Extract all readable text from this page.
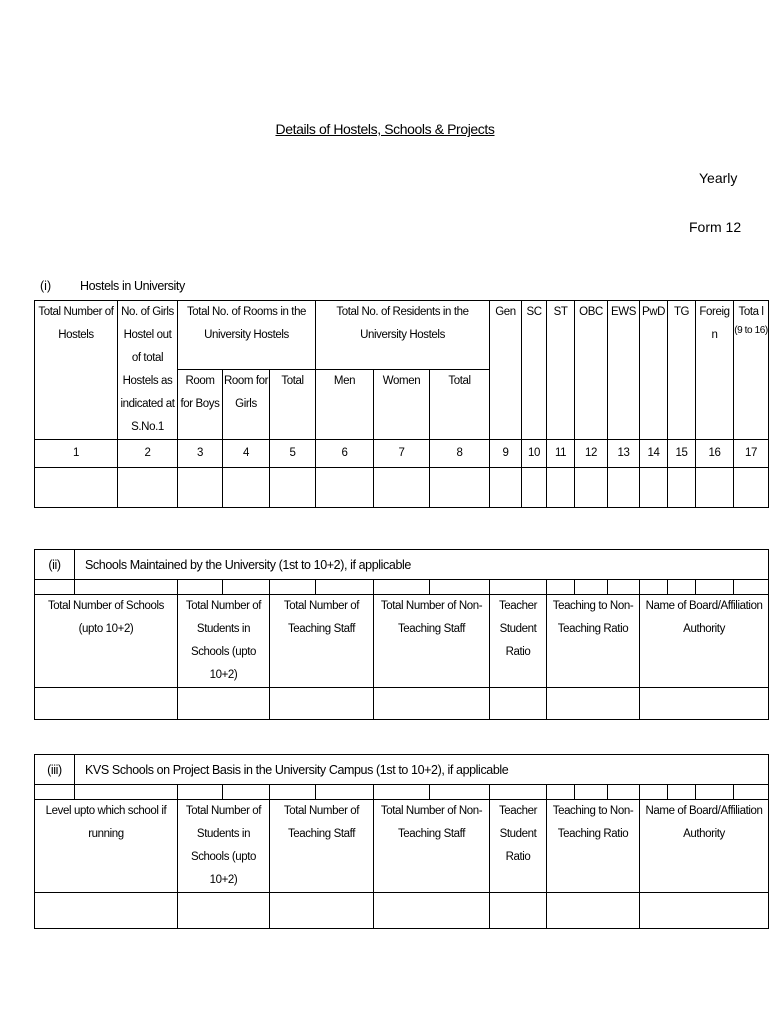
Details of Hostels, Schools & Projects
Yearly
Form 12
(i) Hostels in University
Total Number of Hostels	No. of Girls Hostel out of total Hostels as indicated at S.No.1	Total No. of Rooms in the University Hostels			Total No. of Residents in the University Hostels			Gen	SC	ST	OBC	EWS	PwD	TG	Foreig n	Tota l
(9 to 16)

		Room for Boys	Room for Girls	Total	Men	Women	Total									
1	2	3	4	5	6	7	8	9	10	11	12	13	14	15	16	17

(ii)	Schools Maintained by the University (1st to 10+2), if applicable														

Total Number of Schools (upto 10+2)		Total Number of Students in Schools (upto 10+2)		Total Number of Teaching Staff		Total Number of Non-Teaching Staff		Teacher Student Ratio	Teaching to Non-Teaching Ratio			Name of Board/Affiliation Authority			

(iii)	KVS Schools on Project Basis in the University Campus (1st to 10+2), if applicable														

Level upto which school if running		Total Number of Students in Schools (upto 10+2)		Total Number of Teaching Staff		Total Number of Non-Teaching Staff		Teacher Student Ratio	Teaching to Non-Teaching Ratio			Name of Board/Affiliation Authority			
